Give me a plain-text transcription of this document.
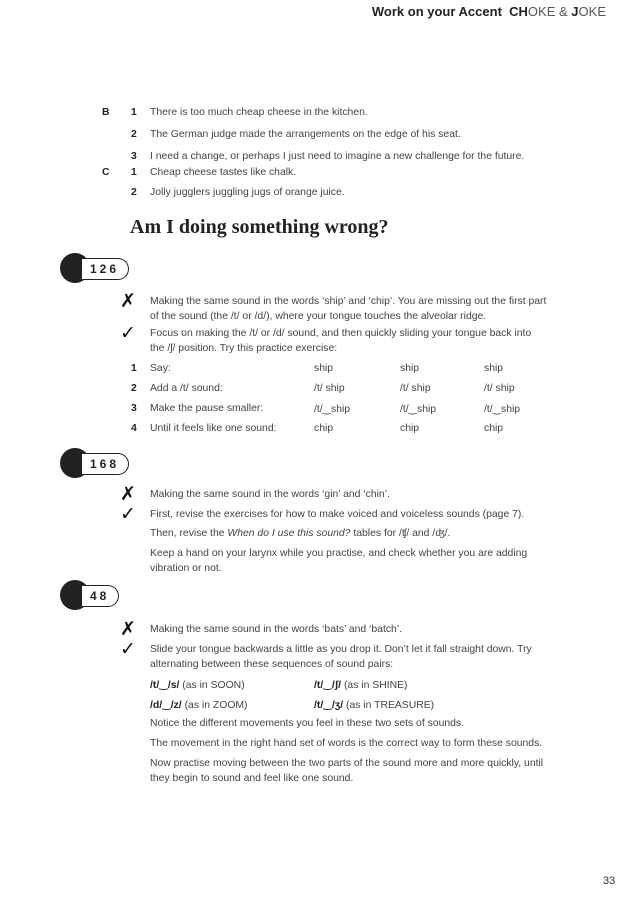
Work on your Accent CHOKE & JOKE
B 1 There is too much cheap cheese in the kitchen.
2 The German judge made the arrangements on the edge of his seat.
3 I need a change, or perhaps I just need to imagine a new challenge for the future.
C 1 Cheap cheese tastes like chalk.
2 Jolly jugglers juggling jugs of orange juice.
Am I doing something wrong?
126
✗ Making the same sound in the words ‘ship’ and ‘chip’. You are missing out the first part
of the sound (the /t/ or /d/), where your tongue touches the alveolar ridge.
✓ Focus on making the /t/ or /d/ sound, and then quickly sliding your tongue back into
the /ʃ/ position. Try this practice exercise:
1 Say:	ship	ship	ship
2 Add a /t/ sound:	/t/ ship	/t/ ship	/t/ ship
3 Make the pause smaller:	/t/‿ship	/t/‿ship	/t/‿ship
4 Until it feels like one sound:	chip	chip	chip
168
✗ Making the same sound in the words ‘gin’ and ‘chin’.
✓ First, revise the exercises for how to make voiced and voiceless sounds (page 7).
Then, revise the When do I use this sound? tables for /ʧ/ and /ʤ/.
Keep a hand on your larynx while you practise, and check whether you are adding
vibration or not.
48
✗ Making the same sound in the words ‘bats’ and ‘batch’.
✓ Slide your tongue backwards a little as you drop it. Don’t let it fall straight down. Try
alternating between these sequences of sound pairs:
/t/‿/s/ (as in SOON)	/t/‿/ʃ/ (as in SHINE)
/d/‿/z/ (as in ZOOM)	/t/‿/ʒ/ (as in TREASURE)
Notice the different movements you feel in these two sets of sounds.
The movement in the right hand set of words is the correct way to form these sounds.
Now practise moving between the two parts of the sound more and more quickly, until
they begin to sound and feel like one sound.
33
